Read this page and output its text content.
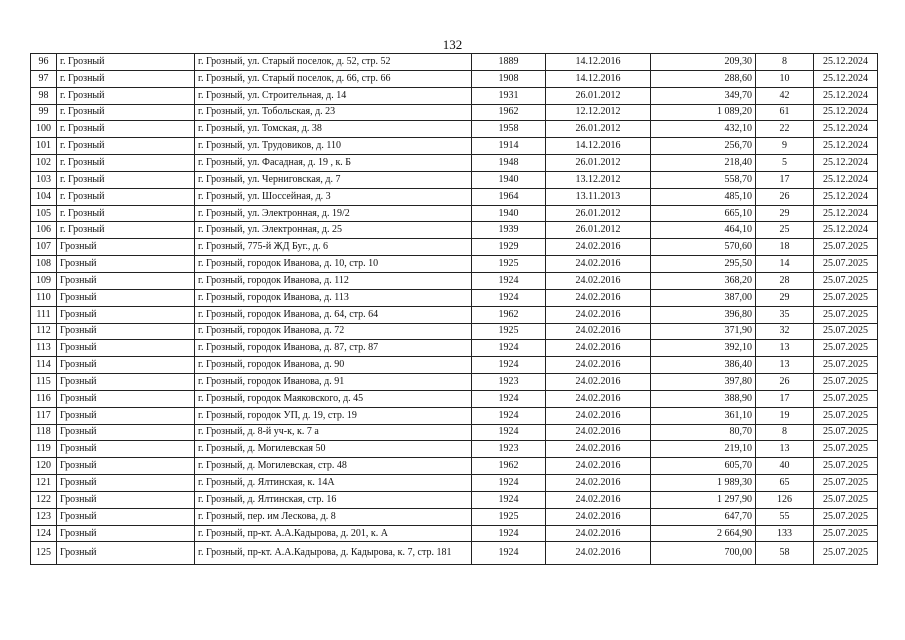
132
96	г. Грозный	г. Грозный, ул. Старый поселок, д. 52, стр. 52	1889	14.12.2016	209,30	8	25.12.2024
97	г. Грозный	г. Грозный, ул. Старый поселок, д. 66, стр. 66	1908	14.12.2016	288,60	10	25.12.2024
98	г. Грозный	г. Грозный, ул. Строительная, д. 14	1931	26.01.2012	349,70	42	25.12.2024
99	г. Грозный	г. Грозный, ул. Тобольская, д. 23	1962	12.12.2012	1 089,20	61	25.12.2024
100	г. Грозный	г. Грозный, ул. Томская, д. 38	1958	26.01.2012	432,10	22	25.12.2024
101	г. Грозный	г. Грозный, ул. Трудовиков, д. 110	1914	14.12.2016	256,70	9	25.12.2024
102	г. Грозный	г. Грозный, ул. Фасадная, д. 19 , к. Б	1948	26.01.2012	218,40	5	25.12.2024
103	г. Грозный	г. Грозный, ул. Черниговская, д. 7	1940	13.12.2012	558,70	17	25.12.2024
104	г. Грозный	г. Грозный, ул. Шоссейная, д. 3	1964	13.11.2013	485,10	26	25.12.2024
105	г. Грозный	г. Грозный, ул. Электронная, д. 19/2	1940	26.01.2012	665,10	29	25.12.2024
106	г. Грозный	г. Грозный, ул. Электронная, д. 25	1939	26.01.2012	464,10	25	25.12.2024
107	Грозный	г. Грозный, 775-й ЖД Буг., д. 6	1929	24.02.2016	570,60	18	25.07.2025
108	Грозный	г. Грозный, городок Иванова, д. 10, стр. 10	1925	24.02.2016	295,50	14	25.07.2025
109	Грозный	г. Грозный, городок Иванова, д. 112	1924	24.02.2016	368,20	28	25.07.2025
110	Грозный	г. Грозный, городок Иванова, д. 113	1924	24.02.2016	387,00	29	25.07.2025
111	Грозный	г. Грозный, городок Иванова, д. 64, стр. 64	1962	24.02.2016	396,80	35	25.07.2025
112	Грозный	г. Грозный, городок Иванова, д. 72	1925	24.02.2016	371,90	32	25.07.2025
113	Грозный	г. Грозный, городок Иванова, д. 87, стр. 87	1924	24.02.2016	392,10	13	25.07.2025
114	Грозный	г. Грозный, городок Иванова, д. 90	1924	24.02.2016	386,40	13	25.07.2025
115	Грозный	г. Грозный, городок Иванова, д. 91	1923	24.02.2016	397,80	26	25.07.2025
116	Грозный	г. Грозный, городок Маяковского, д. 45	1924	24.02.2016	388,90	17	25.07.2025
117	Грозный	г. Грозный, городок УП, д. 19, стр. 19	1924	24.02.2016	361,10	19	25.07.2025
118	Грозный	г. Грозный, д. 8-й уч-к, к. 7 а	1924	24.02.2016	80,70	8	25.07.2025
119	Грозный	г. Грозный, д. Могилевская 50	1923	24.02.2016	219,10	13	25.07.2025
120	Грозный	г. Грозный, д. Могилевская, стр. 48	1962	24.02.2016	605,70	40	25.07.2025
121	Грозный	г. Грозный, д. Ялтинская, к. 14А	1924	24.02.2016	1 989,30	65	25.07.2025
122	Грозный	г. Грозный, д. Ялтинская, стр. 16	1924	24.02.2016	1 297,90	126	25.07.2025
123	Грозный	г. Грозный, пер. им Лескова, д. 8	1925	24.02.2016	647,70	55	25.07.2025
124	Грозный	г. Грозный, пр-кт. А.А.Кадырова, д. 201, к. А	1924	24.02.2016	2 664,90	133	25.07.2025
125	Грозный	г. Грозный, пр-кт. А.А.Кадырова, д. Кадырова, к. 7, стр. 181	1924	24.02.2016	700,00	58	25.07.2025
